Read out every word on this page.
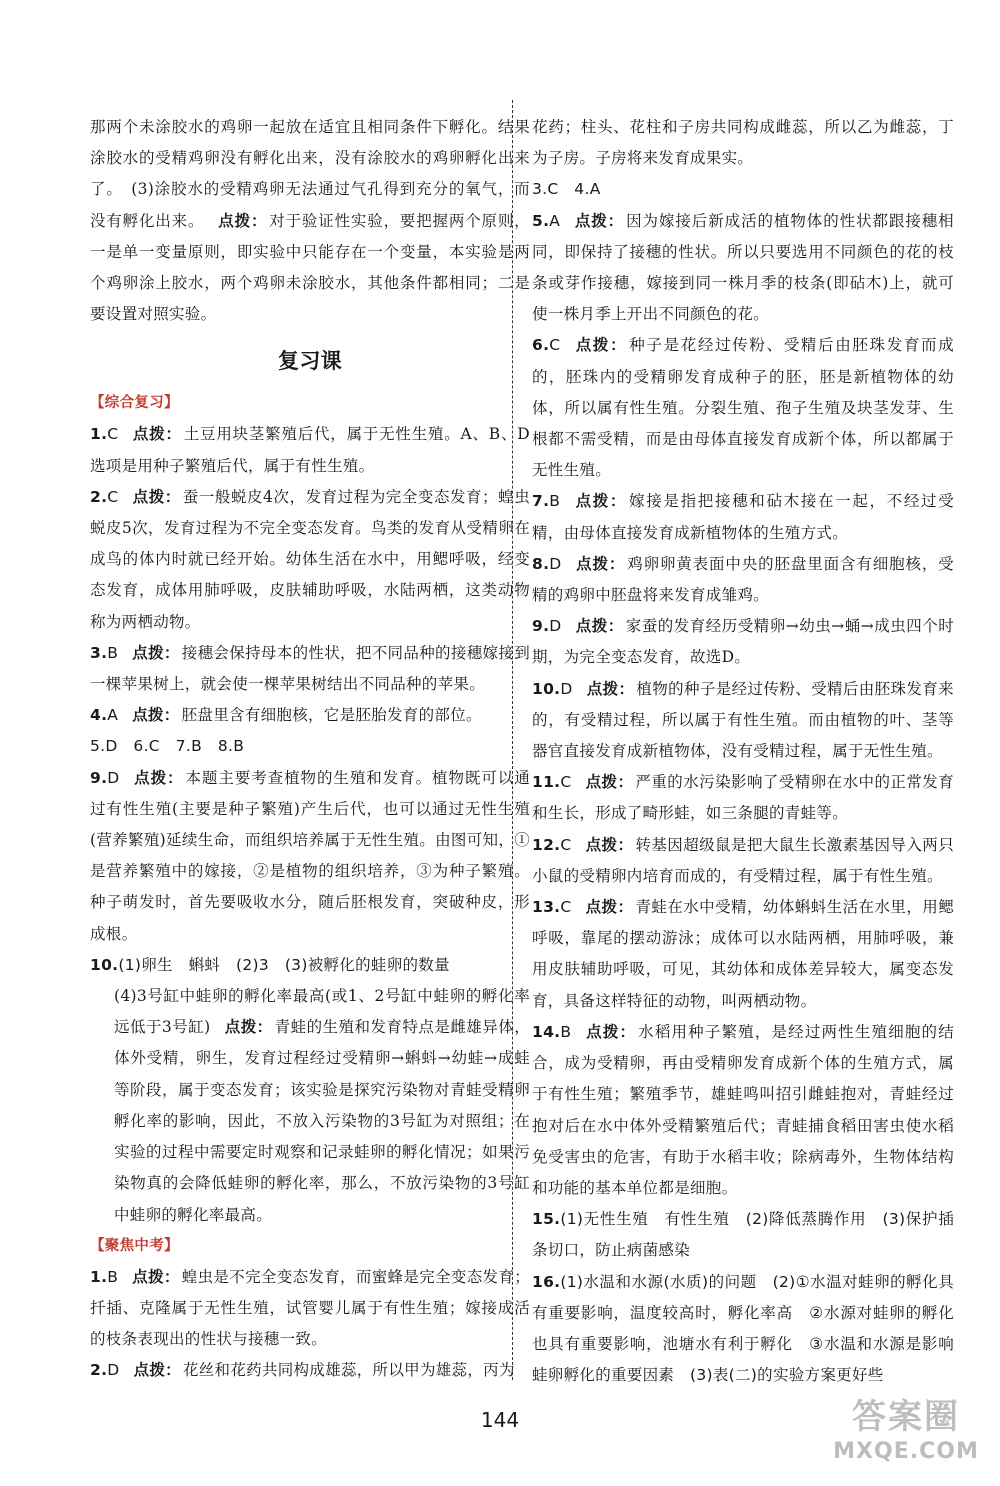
那两个未涂胶水的鸡卵一起放在适宜且相同条件下孵化。结果涂胶水的受精鸡卵没有孵化出来，没有涂胶水的鸡卵孵化出来了。　(3)涂胶水的受精鸡卵无法通过气孔得到充分的氧气，而没有孵化出来。 点拨： 对于验证性实验，要把握两个原则，一是单一变量原则，即实验中只能存在一个变量，本实验是两个鸡卵涂上胶水，两个鸡卵未涂胶水，其他条件都相同；二是要设置对照实验。

复习课
【综合复习】

1.C 点拨： 土豆用块茎繁殖后代，属于无性生殖。A、B、D选项是用种子繁殖后代，属于有性生殖。

2.C 点拨： 蚕一般蜕皮4次，发育过程为完全变态发育；蝗虫蜕皮5次，发育过程为不完全变态发育。鸟类的发育从受精卵在成鸟的体内时就已经开始。幼体生活在水中，用鳃呼吸，经变态发育，成体用肺呼吸，皮肤辅助呼吸，水陆两栖，这类动物称为两栖动物。

3.B 点拨： 接穗会保持母本的性状，把不同品种的接穗嫁接到一棵苹果树上，就会使一棵苹果树结出不同品种的苹果。

4.A 点拨： 胚盘里含有细胞核，它是胚胎发育的部位。

5.D　6.C　7.B　8.B

9.D 点拨： 本题主要考查植物的生殖和发育。植物既可以通过有性生殖(主要是种子繁殖)产生后代，也可以通过无性生殖(营养繁殖)延续生命，而组织培养属于无性生殖。由图可知，①是营养繁殖中的嫁接，②是植物的组织培养，③为种子繁殖。种子萌发时，首先要吸收水分，随后胚根发育，突破种皮，形成根。

10.(1)卵生　蝌蚪　(2)3　(3)被孵化的蛙卵的数量

(4)3号缸中蛙卵的孵化率最高(或1、2号缸中蛙卵的孵化率远低于3号缸) 点拨： 青蛙的生殖和发育特点是雌雄异体，体外受精，卵生，发育过程经过受精卵→蝌蚪→幼蛙→成蛙等阶段，属于变态发育；该实验是探究污染物对青蛙受精卵孵化率的影响，因此，不放入污染物的3号缸为对照组；在实验的过程中需要定时观察和记录蛙卵的孵化情况；如果污染物真的会降低蛙卵的孵化率，那么，不放污染物的3号缸中蛙卵的孵化率最高。

【聚焦中考】

1.B 点拨： 蝗虫是不完全变态发育，而蜜蜂是完全变态发育；扦插、克隆属于无性生殖，试管婴儿属于有性生殖；嫁接成活的枝条表现出的性状与接穗一致。

2.D 点拨： 花丝和花药共同构成雄蕊，所以甲为雄蕊，丙为

花药；柱头、花柱和子房共同构成雌蕊，所以乙为雌蕊，丁为子房。子房将来发育成果实。

3.C　4.A

5.A 点拨： 因为嫁接后新成活的植物体的性状都跟接穗相同，即保持了接穗的性状。所以只要选用不同颜色的花的枝条或芽作接穗，嫁接到同一株月季的枝条(即砧木)上，就可使一株月季上开出不同颜色的花。

6.C 点拨： 种子是花经过传粉、受精后由胚珠发育而成的，胚珠内的受精卵发育成种子的胚，胚是新植物体的幼体，所以属有性生殖。分裂生殖、孢子生殖及块茎发芽、生根都不需受精，而是由母体直接发育成新个体，所以都属于无性生殖。

7.B 点拨： 嫁接是指把接穗和砧木接在一起，不经过受精，由母体直接发育成新植物体的生殖方式。

8.D 点拨： 鸡卵卵黄表面中央的胚盘里面含有细胞核，受精的鸡卵中胚盘将来发育成雏鸡。

9.D 点拨： 家蚕的发育经历受精卵→幼虫→蛹→成虫四个时期，为完全变态发育，故选D。

10.D 点拨： 植物的种子是经过传粉、受精后由胚珠发育来的，有受精过程，所以属于有性生殖。而由植物的叶、茎等器官直接发育成新植物体，没有受精过程，属于无性生殖。

11.C 点拨： 严重的水污染影响了受精卵在水中的正常发育和生长，形成了畸形蛙，如三条腿的青蛙等。

12.C 点拨： 转基因超级鼠是把大鼠生长激素基因导入两只小鼠的受精卵内培育而成的，有受精过程，属于有性生殖。

13.C 点拨： 青蛙在水中受精，幼体蝌蚪生活在水里，用鳃呼吸，靠尾的摆动游泳；成体可以水陆两栖，用肺呼吸，兼用皮肤辅助呼吸，可见，其幼体和成体差异较大，属变态发育，具备这样特征的动物，叫两栖动物。

14.B 点拨： 水稻用种子繁殖，是经过两性生殖细胞的结合，成为受精卵，再由受精卵发育成新个体的生殖方式，属于有性生殖；繁殖季节，雄蛙鸣叫招引雌蛙抱对，青蛙经过抱对后在水中体外受精繁殖后代；青蛙捕食稻田害虫使水稻免受害虫的危害，有助于水稻丰收；除病毒外，生物体结构和功能的基本单位都是细胞。

15.(1)无性生殖　有性生殖　(2)降低蒸腾作用　(3)保护插条切口，防止病菌感染

16.(1)水温和水源(水质)的问题　(2)①水温对蛙卵的孵化具有重要影响，温度较高时，孵化率高　②水源对蛙卵的孵化也具有重要影响，池塘水有利于孵化　③水温和水源是影响蛙卵孵化的重要因素　(3)表(二)的实验方案更好些

144	答案圈
MXQE.COM
